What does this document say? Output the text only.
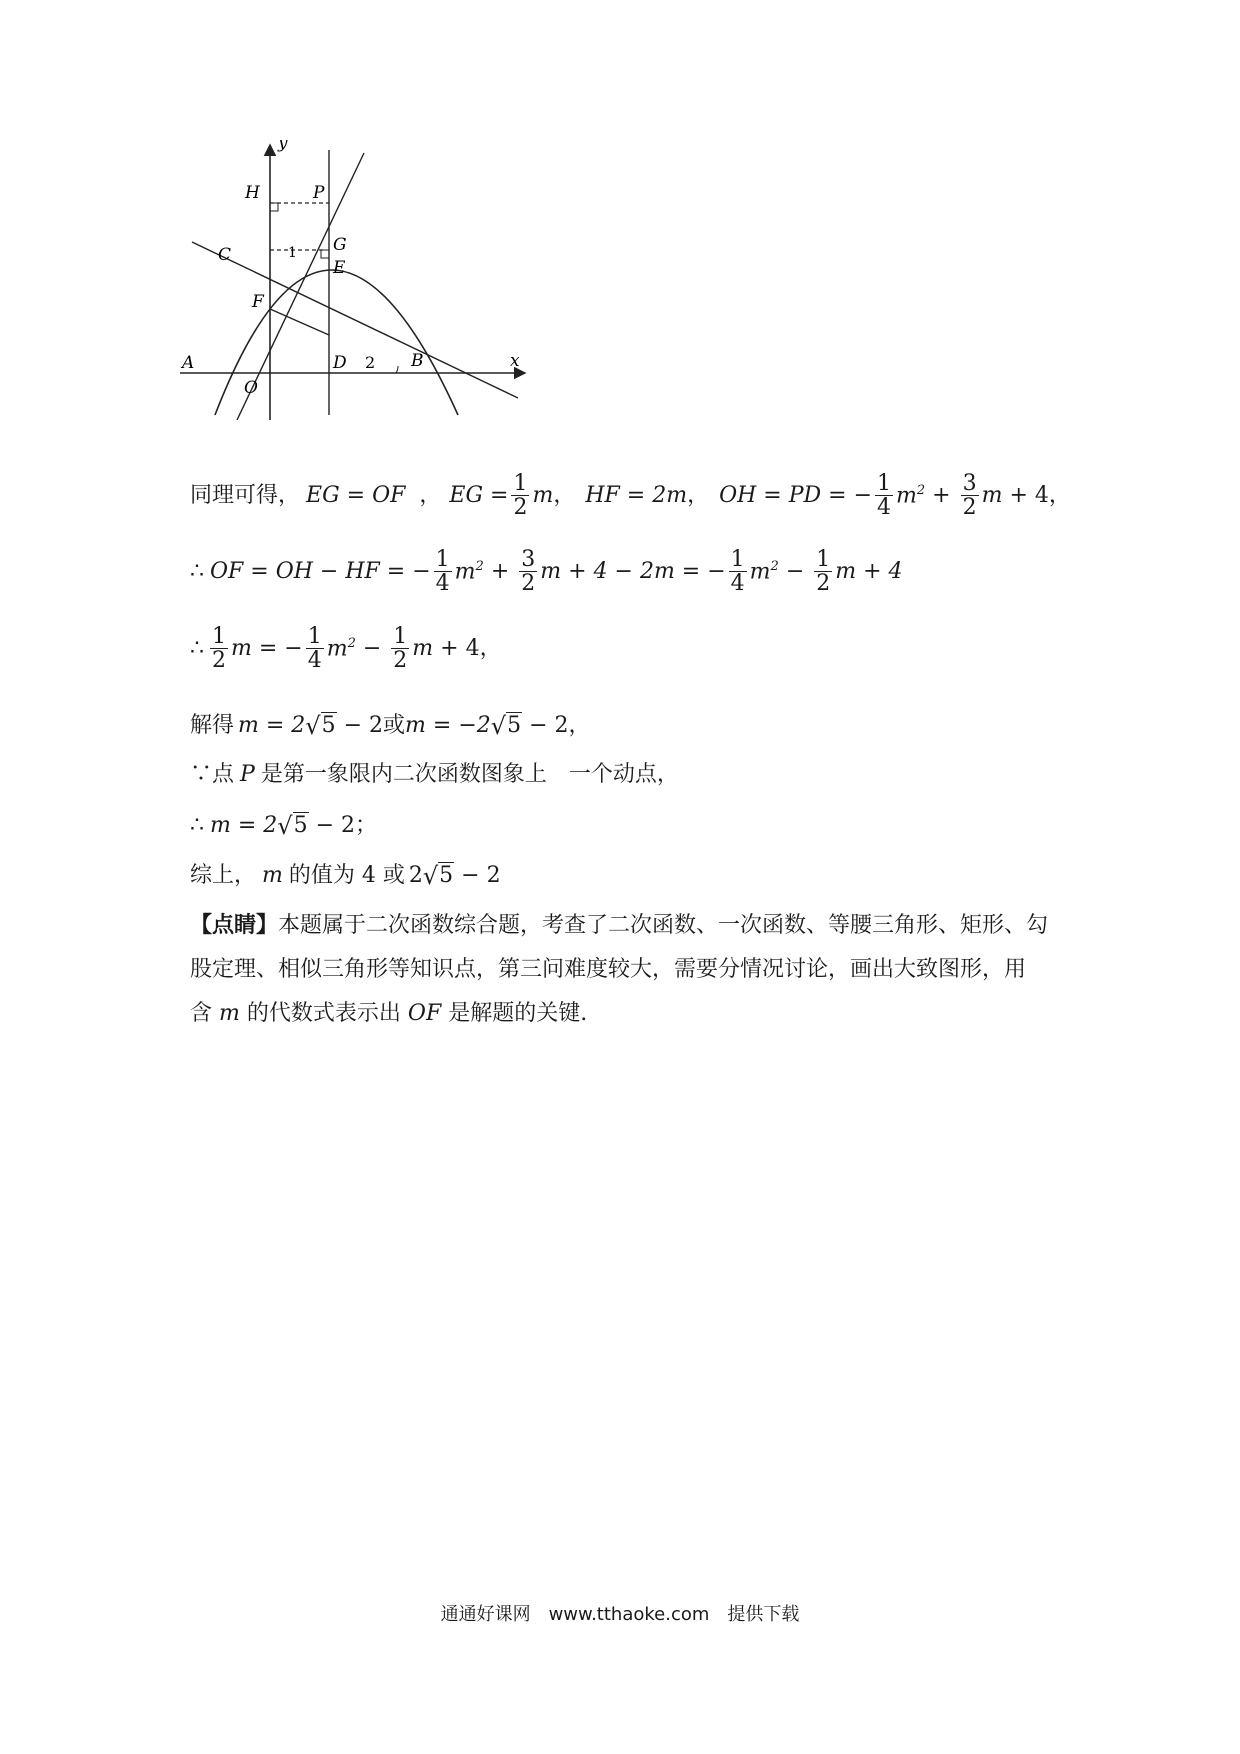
y
x
H	P
G
C	1
E
F
A	D 2 B
O
同理可得， EG = OF ， EG = $\frac{1}{2}$ m ， HF = 2m ， OH = PD = − $\frac{1}{4} m^2 + \frac{3}{2}$ m + 4，
∴ OF = OH − HF = − $\frac{1}{4} m^2 + \frac{3}{2}$ m + 4 − 2m = − $\frac{1}{4} m^2 - \frac{1}{2}$ m + 4
∴ $\frac{1}{2}$ m = − $\frac{1}{4} m^2 - \frac{1}{2}$ m + 4，
解得 m = 2 √ 5
− 2 或 m = −2 √ 5
− 2，
∵点 P 是第一象限内二次函数图象上　一个动点，
∴ m = 2 √ 5
− 2；
综上， m 的值为 4 或 2 √ 5
− 2
【点睛】本题属于二次函数综合题，考查了二次函数、一次函数、等腰三角形、矩形、勾股定理、相似三角形等知识点，第三问难度较大，需要分情况讨论，画出大致图形，用含 m 的代数式表示出 OF 是解题的关键.
通通好课网　www.tthaoke.com　提供下载
